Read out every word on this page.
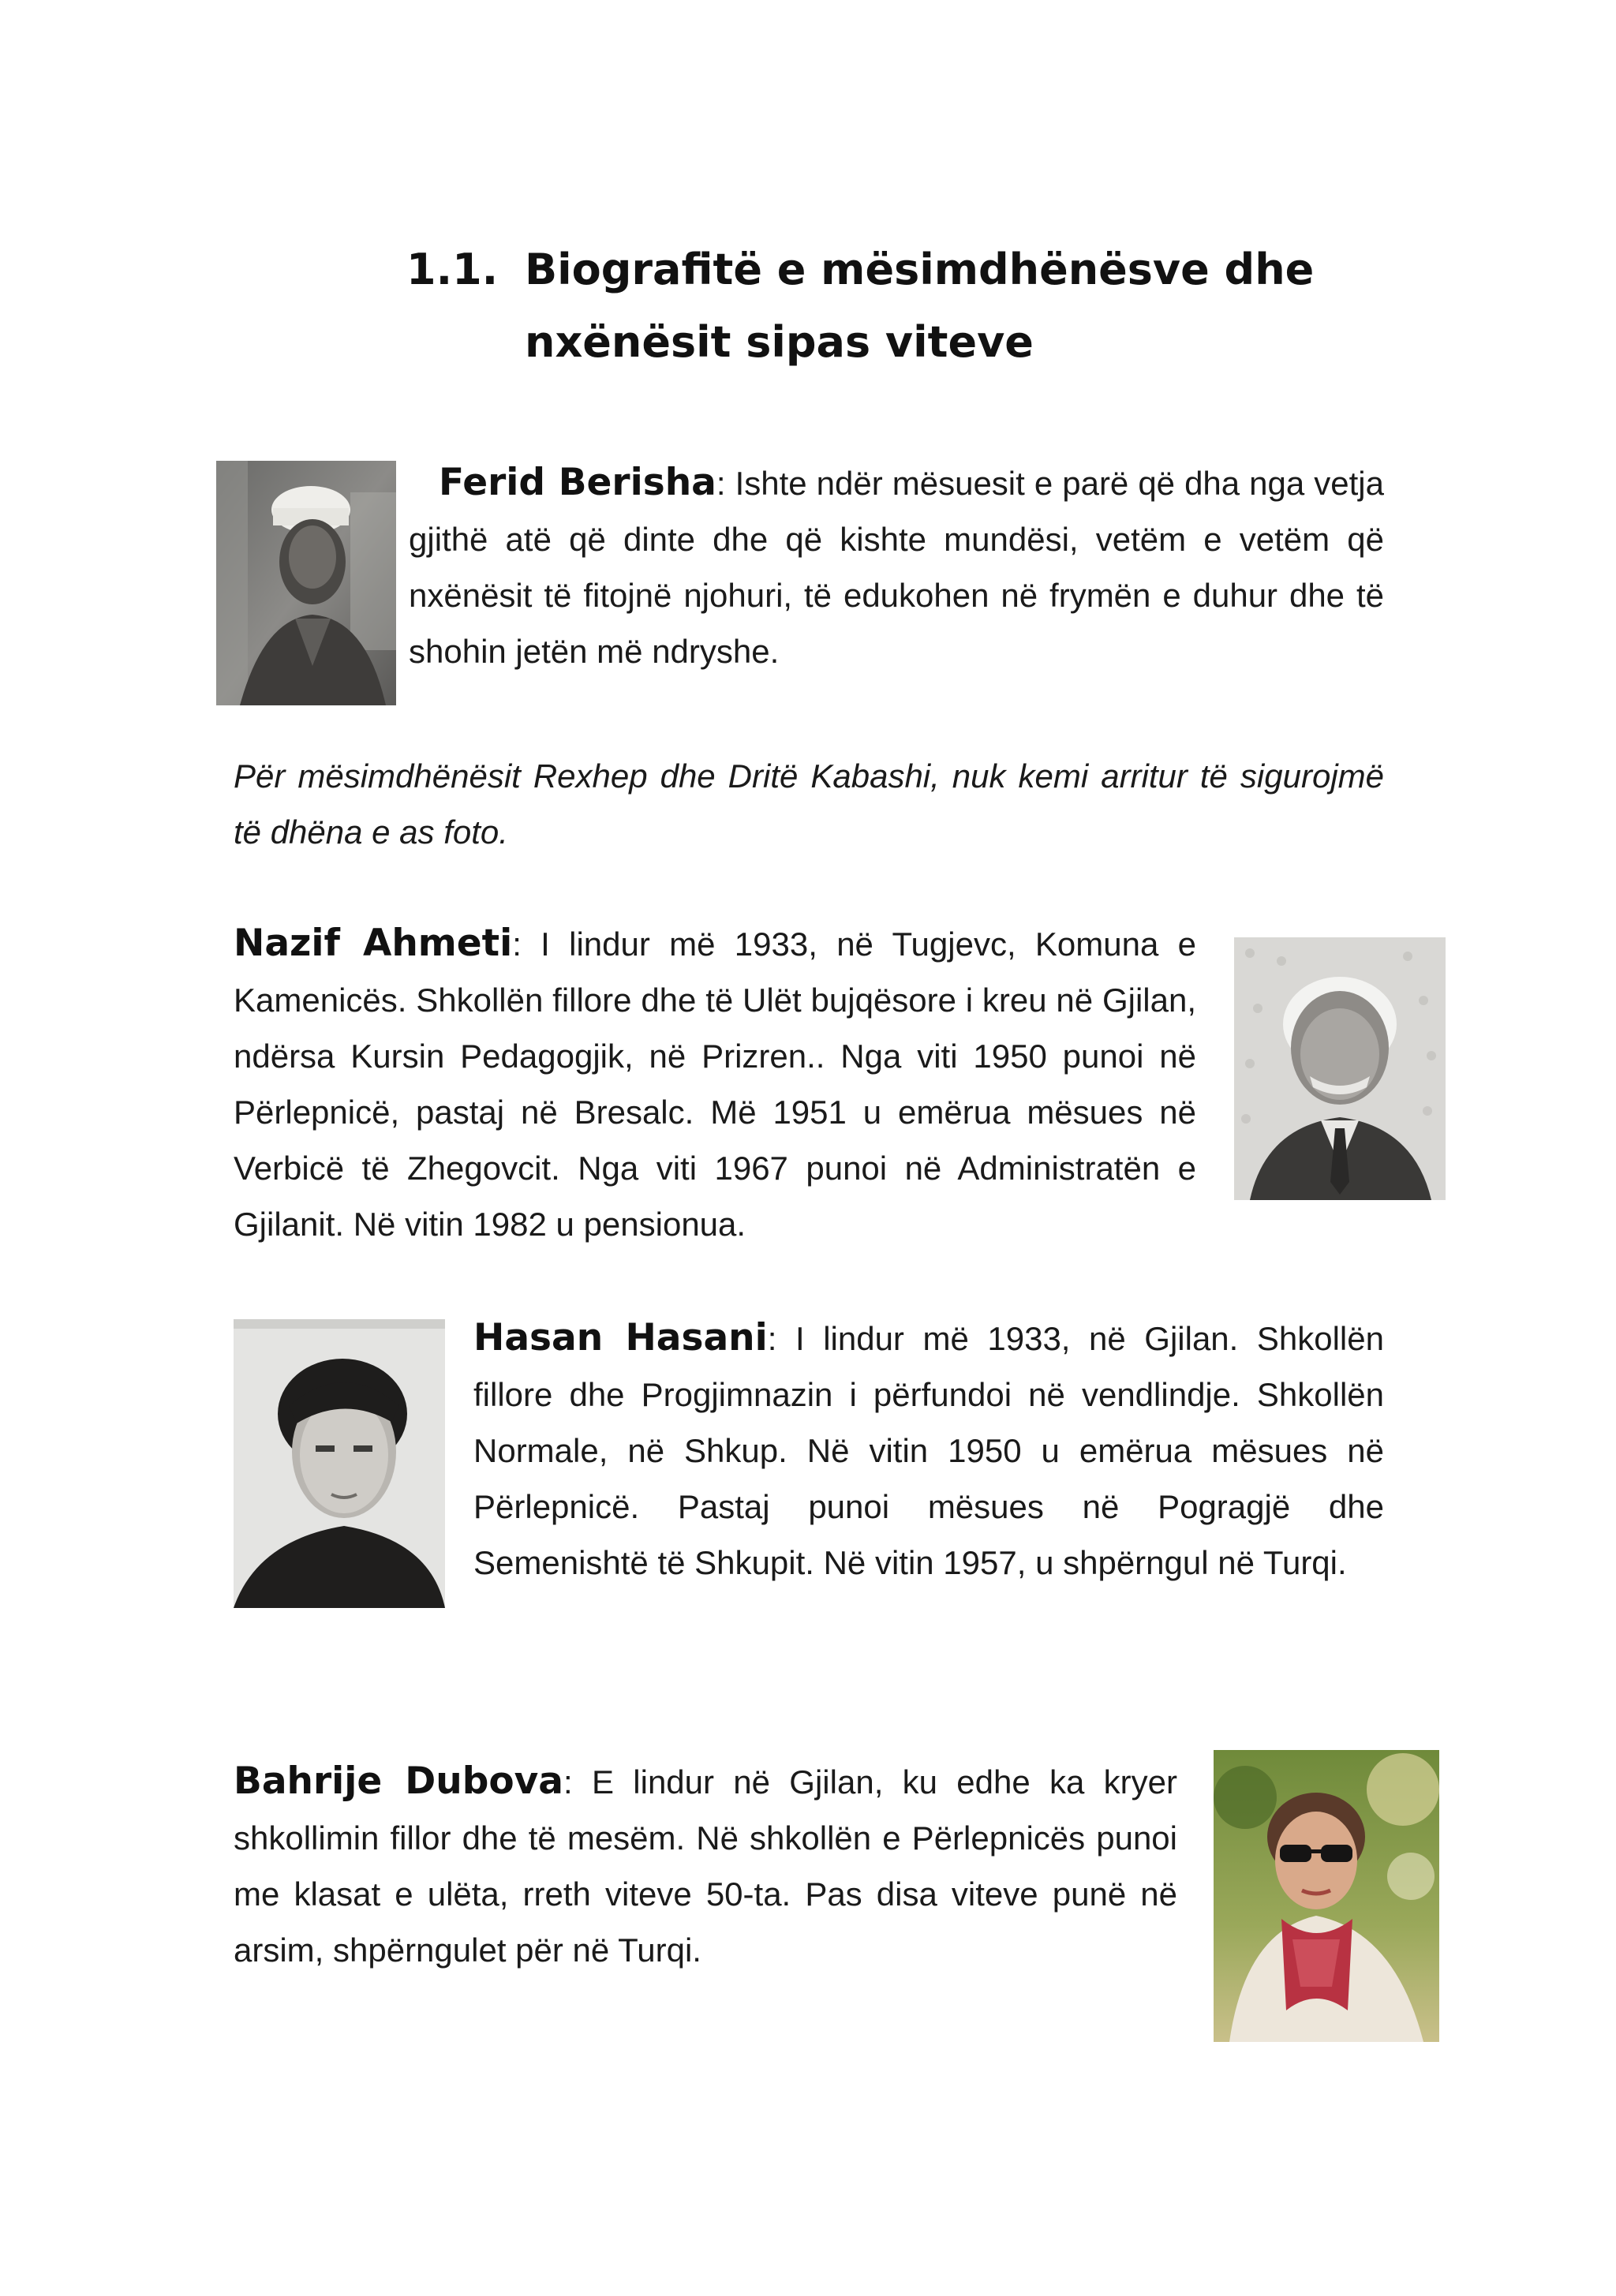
1.1. Biografitë e mësimdhënësve dhe
nxënësit sipas viteve
Ferid Berisha: Ishte ndër mësuesit e parë që dha nga vetja gjithë atë që dinte dhe që kishte mundësi, vetëm e vetëm që nxënësit të fitojnë njohuri, të edukohen në frymën e duhur dhe të shohin jetën më ndryshe.
Për mësimdhënësit Rexhep dhe Dritë Kabashi, nuk kemi arritur të sigurojmë të dhëna e as foto.
Nazif Ahmeti: I lindur më 1933, në Tugjevc, Komuna e Kamenicës. Shkollën fillore dhe të Ulët bujqësore i kreu në Gjilan, ndërsa Kursin Pedagogjik, në Prizren.. Nga viti 1950 punoi në Përlepnicë, pastaj në Bresalc. Më 1951 u emërua mësues në Verbicë të Zhegovcit. Nga viti 1967 punoi në Administratën e Gjilanit. Në vitin 1982 u pensionua.
Hasan Hasani: I lindur më 1933, në Gjilan. Shkollën fillore dhe Progjimnazin i përfundoi në vendlindje. Shkollën Normale, në Shkup. Në vitin 1950 u emërua mësues në Përlepnicë. Pastaj punoi mësues në Pogragjë dhe Semenishtë të Shkupit. Në vitin 1957, u shpërngul në Turqi.
Bahrije Dubova: E lindur në Gjilan, ku edhe ka kryer shkollimin fillor dhe të mesëm. Në shkollën e Përlepnicës punoi me klasat e ulëta, rreth viteve 50-ta. Pas disa viteve punë në arsim, shpërngulet për në Turqi.
